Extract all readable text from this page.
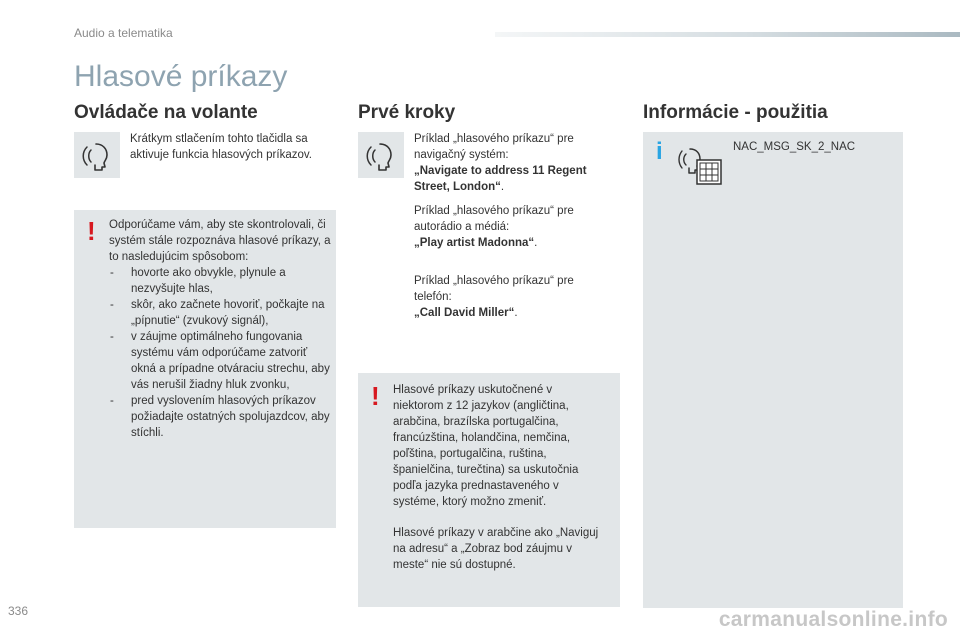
Audio a telematika
Hlasové príkazy
Ovládače na volante
Krátkym stlačením tohto tlačidla sa aktivuje funkcia hlasových príkazov.
! Odporúčame vám, aby ste skontrolovali, či systém stále rozpoznáva hlasové príkazy, a to nasledujúcim spôsobom:

- hovorte ako obvykle, plynule a nezvyšujte hlas,
- skôr, ako začnete hovoriť, počkajte na „pípnutie“ (zvukový signál),
- v záujme optimálneho fungovania systému vám odporúčame zatvoriť okná a prípadne otváraciu strechu, aby vás nerušil žiadny hluk zvonku,
- pred vyslovením hlasových príkazov požiadajte ostatných spolujazdcov, aby stíchli.
Prvé kroky
Príklad „hlasového príkazu“ pre navigačný systém:
„Navigate to address 11 Regent Street, London“.
Príklad „hlasového príkazu“ pre autorádio a médiá:
„Play artist Madonna“.
Príklad „hlasového príkazu“ pre telefón:
„Call David Miller“.
! Hlasové príkazy uskutočnené v niektorom z 12 jazykov (angličtina, arabčina, brazílska portugalčina, francúzština, holandčina, nemčina, poľština, portugalčina, ruština, španielčina, turečtina) sa uskutočnia podľa jazyka prednastaveného v systéme, ktorý možno zmeniť.

Hlasové príkazy v arabčine ako „Naviguj na adresu“ a „Zobraz bod záujmu v meste“ nie sú dostupné.

Informácie - použitia
i	NAC_MSG_SK_2_NAC
336	carmanualsonline.info
